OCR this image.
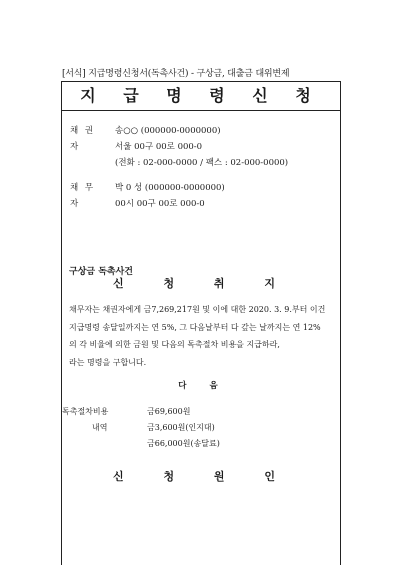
[서식] 지급명령신청서(독촉사건) - 구상금, 대출금 대위변제
지 급 명 령 신 청
채 권 자
송○○ (000000-0000000)
서울 00구 00로 000-0
(전화 : 02-000-0000 / 팩스 : 02-000-0000)
채 무 자
박 0 성 (000000-0000000)
00시 00구 00로 000-0
구상금 독촉사건
신 청 취 지
채무자는 채권자에게 금7,269,217원 및 이에 대한 2020. 3. 9.부터 이건
지급명령 송달일까지는 연 5%, 그 다음날부터 다 갚는 날까지는 연 12%
의 각 비율에 의한 금원 및 다음의 독촉절차 비용을 지급하라,
라는 명령을 구합니다.
다 음
독촉절차비용	금69,600원
내역	금3,600원(인지대)
금66,000원(송달료)
신 청 원 인
